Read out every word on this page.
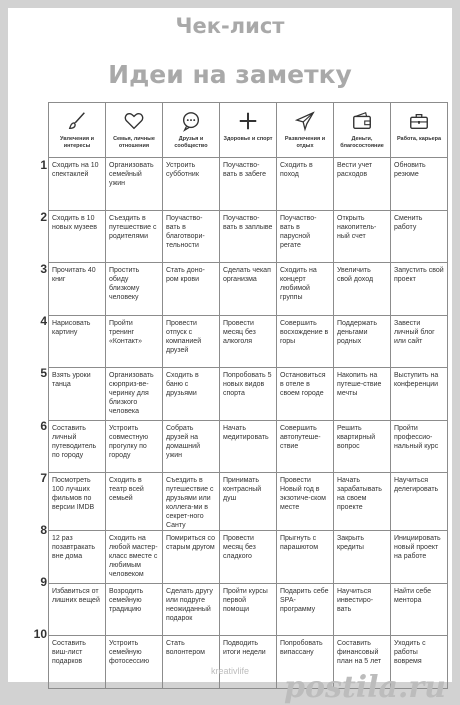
Чек-лист
Идеи на заметку
Увлечения и интересы	Семья, личные отношения	Друзья и сообщество	Здоровье и спорт	Развлечения и отдых	Деньги, благосостояние	Работа, карьера

Сходить на 10 спектаклей	Организовать семейный ужин	Устроить субботник	Поучаство-вать в забеге	Сходить в поход	Вести учет расходов	Обновить резюме
Сходить в 10 новых музеев	Съездить в путешествие с родителями	Поучаство-вать в благотвори-тельности	Поучаство-вать в заплыве	Поучаство-вать в парусной регате	Открыть накопитель-ный счет	Сменить работу
Прочитать 40 книг	Простить обиду близкому человеку	Стать доно-ром крови	Сделать чекап организма	Сходить на концерт любимой группы	Увеличить свой доход	Запустить свой проект
Нарисовать картину	Пройти тренинг «Контакт»	Провести отпуск с компанией друзей	Провести месяц без алкоголя	Совершить восхождение в горы	Поддержать деньгами родных	Завести личный блог или сайт
Взять уроки танца	Организовать сюрприз-ве-черинку для близкого человека	Сходить в баню с друзьями	Попробовать 5 новых видов спорта	Остановиться в отеле в своем городе	Накопить на путеше-ствие мечты	Выступить на конференции
Составить личный путеводитель по городу	Устроить совместную прогулку по городу	Собрать друзей на домашний ужин	Начать медитировать	Совершить автопутеше-ствие	Решить квартирный вопрос	Пройти профессио-нальный курс
Посмотреть 100 лучших фильмов по версии IMDB	Сходить в театр всей семьей	Съездить в путешествие с друзьями или коллега-ми в секрет-ного Санту	Принимать контрасный душ	Провести Новый год в экзотиче-ском месте	Начать зарабатывать на своем проекте	Научиться делегировать
12 раз позавтракать вне дома	Сходить на любой мастер-класс вместе с любимым человеком	Помириться со старым другом	Провести месяц без сладкого	Прыгнуть с парашютом	Закрыть кредиты	Инициировать новый проект на работе
Избавиться от лишних вещей	Возродить семейную традицию	Сделать другу или подруге неожиданный подарок	Пройти курсы первой помощи	Подарить себе SPA-программу	Научиться инвестиро-вать	Найти себе ментора
Составить виш-лист подарков	Устроить семейную фотосессию	Стать волонтером	Подводить итоги недели	Попробовать випассану	Составить финансовый план на 5 лет	Уходить с работы вовремя
1
2
3
4
5
6
7
8
9
10
kreativlife	postila.ru
